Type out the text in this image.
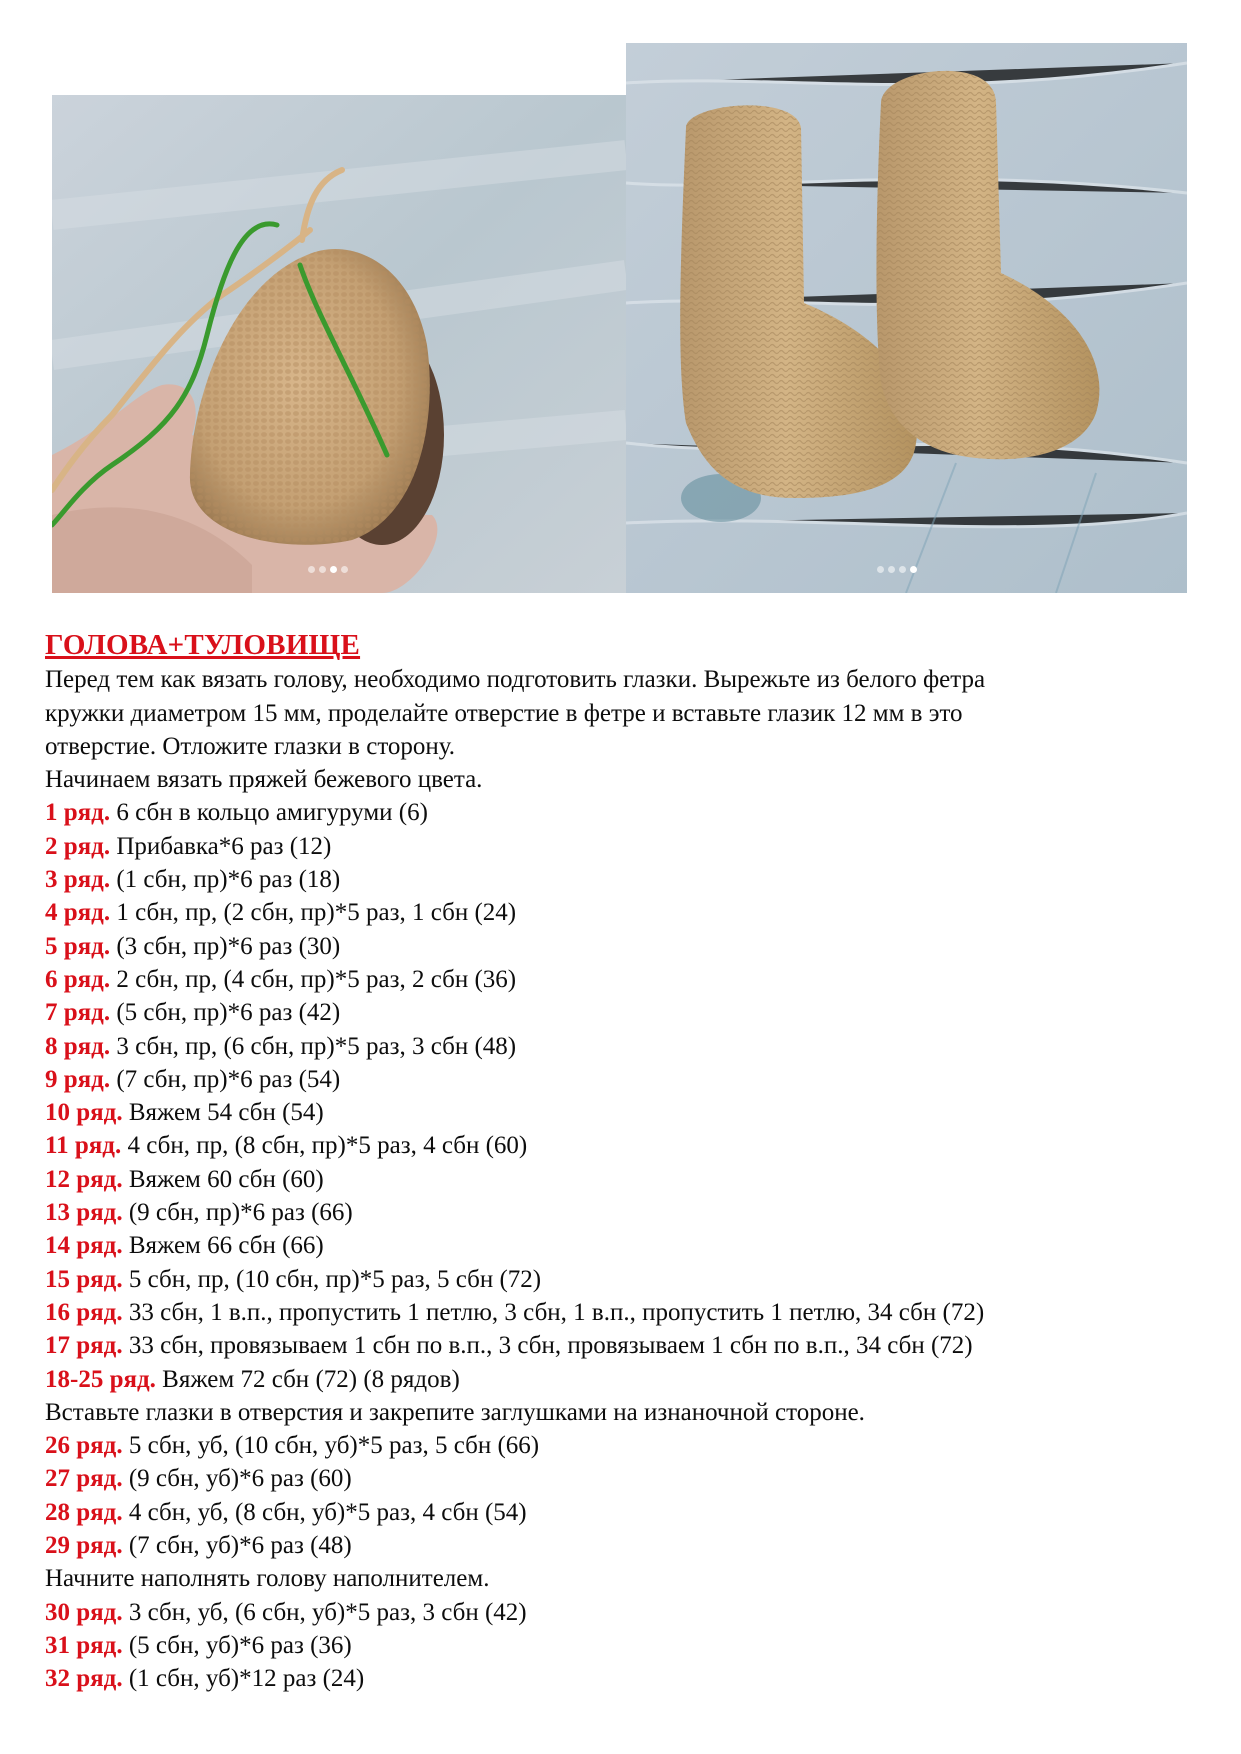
ГОЛОВА+ТУЛОВИЩЕ

Перед тем как вязать голову, необходимо подготовить глазки. Вырежьте из белого фетра

кружки диаметром 15 мм, проделайте отверстие в фетре и вставьте глазик 12 мм в это

отверстие. Отложите глазки в сторону.

Начинаем вязать пряжей бежевого цвета.

1 ряд. 6 сбн в кольцо амигуруми (6)

2 ряд. Прибавка*6 раз (12)

3 ряд. (1 сбн, пр)*6 раз (18)

4 ряд. 1 сбн, пр, (2 сбн, пр)*5 раз, 1 сбн (24)

5 ряд. (3 сбн, пр)*6 раз (30)

6 ряд. 2 сбн, пр, (4 сбн, пр)*5 раз, 2 сбн (36)

7 ряд. (5 сбн, пр)*6 раз (42)

8 ряд. 3 сбн, пр, (6 сбн, пр)*5 раз, 3 сбн (48)

9 ряд. (7 сбн, пр)*6 раз (54)

10 ряд. Вяжем 54 сбн (54)

11 ряд. 4 сбн, пр, (8 сбн, пр)*5 раз, 4 сбн (60)

12 ряд. Вяжем 60 сбн (60)

13 ряд. (9 сбн, пр)*6 раз (66)

14 ряд. Вяжем 66 сбн (66)

15 ряд. 5 сбн, пр, (10 сбн, пр)*5 раз, 5 сбн (72)

16 ряд. 33 сбн, 1 в.п., пропустить 1 петлю, 3 сбн, 1 в.п., пропустить 1 петлю, 34 сбн (72)

17 ряд. 33 сбн, провязываем 1 сбн по в.п., 3 сбн, провязываем 1 сбн по в.п., 34 сбн (72)

18-25 ряд. Вяжем 72 сбн (72) (8 рядов)

Вставьте глазки в отверстия и закрепите заглушками на изнаночной стороне.

26 ряд. 5 сбн, уб, (10 сбн, уб)*5 раз, 5 сбн (66)

27 ряд. (9 сбн, уб)*6 раз (60)

28 ряд. 4 сбн, уб, (8 сбн, уб)*5 раз, 4 сбн (54)

29 ряд. (7 сбн, уб)*6 раз (48)

Начните наполнять голову наполнителем.

30 ряд. 3 сбн, уб, (6 сбн, уб)*5 раз, 3 сбн (42)

31 ряд. (5 сбн, уб)*6 раз (36)

32 ряд. (1 сбн, уб)*12 раз (24)
